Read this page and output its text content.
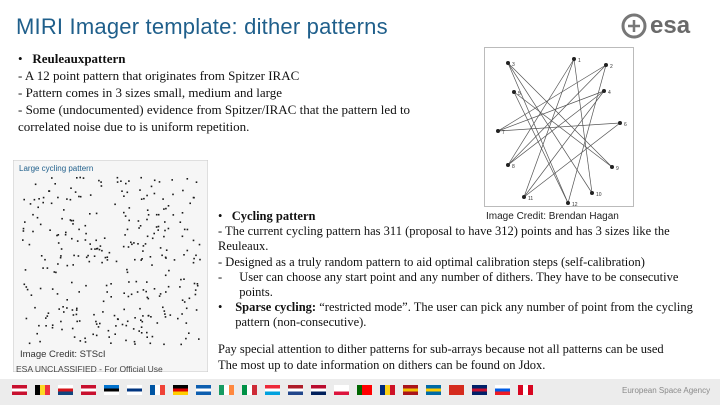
MIRI Imager template: dither patterns	esa
•   Reuleauxpattern
- A 12 point pattern that originates from Spitzer IRAC
- Pattern comes in 3 sizes small, medium and large
- Some (undocumented) evidence from Spitzer/IRAC that the pattern led to correlated noise due to is uniform repetition.
1
2
3
4
5
6
7
8	9
10
11
12
Image Credit: Brendan Hagan
Large cycling pattern
Image Credit: STScI
•   Cycling pattern
- The current cycling pattern has 311 (proposal to have 312) points and has 3 sizes like the Reuleaux.
- Designed as a truly random pattern to aid optimal calibration steps (self-calibration)
-	User can choose any start point and any number of dithers. They have to be consecutive points.
•	Sparse cycling: “restricted mode”. The user can pick any number of point from the cycling pattern (non-consecutive).
Pay special attention to dither patterns for sub-arrays because not all patterns can be used
The most up to date information on dithers can be found on Jdox.
ESA UNCLASSIFIED - For Official Use
European Space Agency
